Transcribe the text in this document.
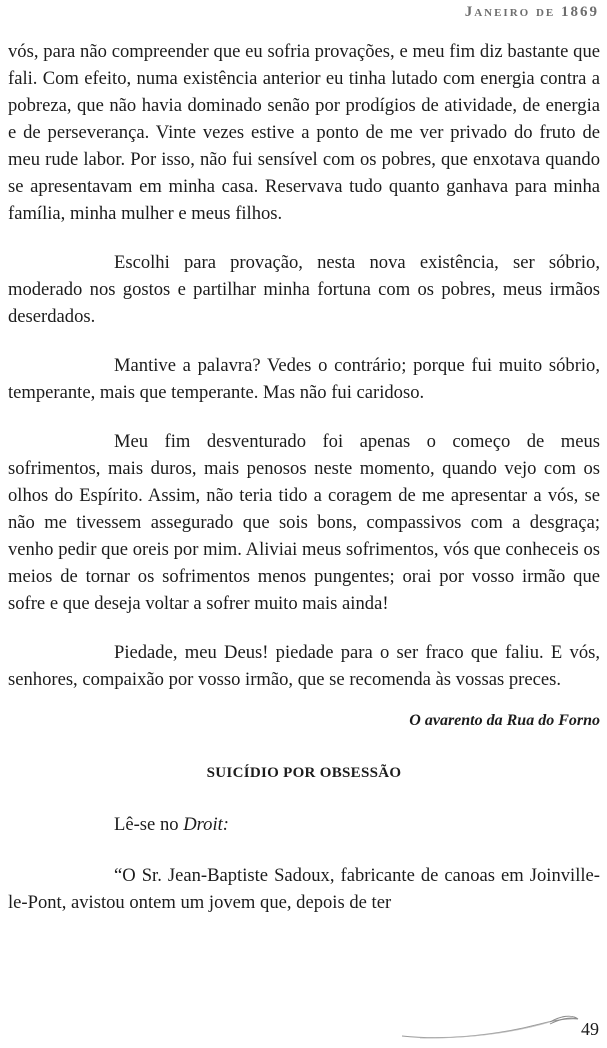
Janeiro de 1869

vós, para não compreender que eu sofria provações, e meu fim diz bastante que fali. Com efeito, numa existência anterior eu tinha lutado com energia contra a pobreza, que não havia dominado senão por prodígios de atividade, de energia e de perseverança. Vinte vezes estive a ponto de me ver privado do fruto de meu rude labor. Por isso, não fui sensível com os pobres, que enxotava quando se apresentavam em minha casa. Reservava tudo quanto ganhava para minha família, minha mulher e meus filhos.

Escolhi para provação, nesta nova existência, ser sóbrio, moderado nos gostos e partilhar minha fortuna com os pobres, meus irmãos deserdados.

Mantive a palavra? Vedes o contrário; porque fui muito sóbrio, temperante, mais que temperante. Mas não fui caridoso.

Meu fim desventurado foi apenas o começo de meus sofrimentos, mais duros, mais penosos neste momento, quando vejo com os olhos do Espírito. Assim, não teria tido a coragem de me apresentar a vós, se não me tivessem assegurado que sois bons, compassivos com a desgraça; venho pedir que oreis por mim. Aliviai meus sofrimentos, vós que conheceis os meios de tornar os sofrimentos menos pungentes; orai por vosso irmão que sofre e que deseja voltar a sofrer muito mais ainda!

Piedade, meu Deus! piedade para o ser fraco que faliu. E vós, senhores, compaixão por vosso irmão, que se recomenda às vossas preces.

O avarento da Rua do Forno
SUICÍDIO POR OBSESSÃO

Lê-se no Droit:

“O Sr. Jean-Baptiste Sadoux, fabricante de canoas em Joinville-le-Pont, avistou ontem um jovem que, depois de ter

49
